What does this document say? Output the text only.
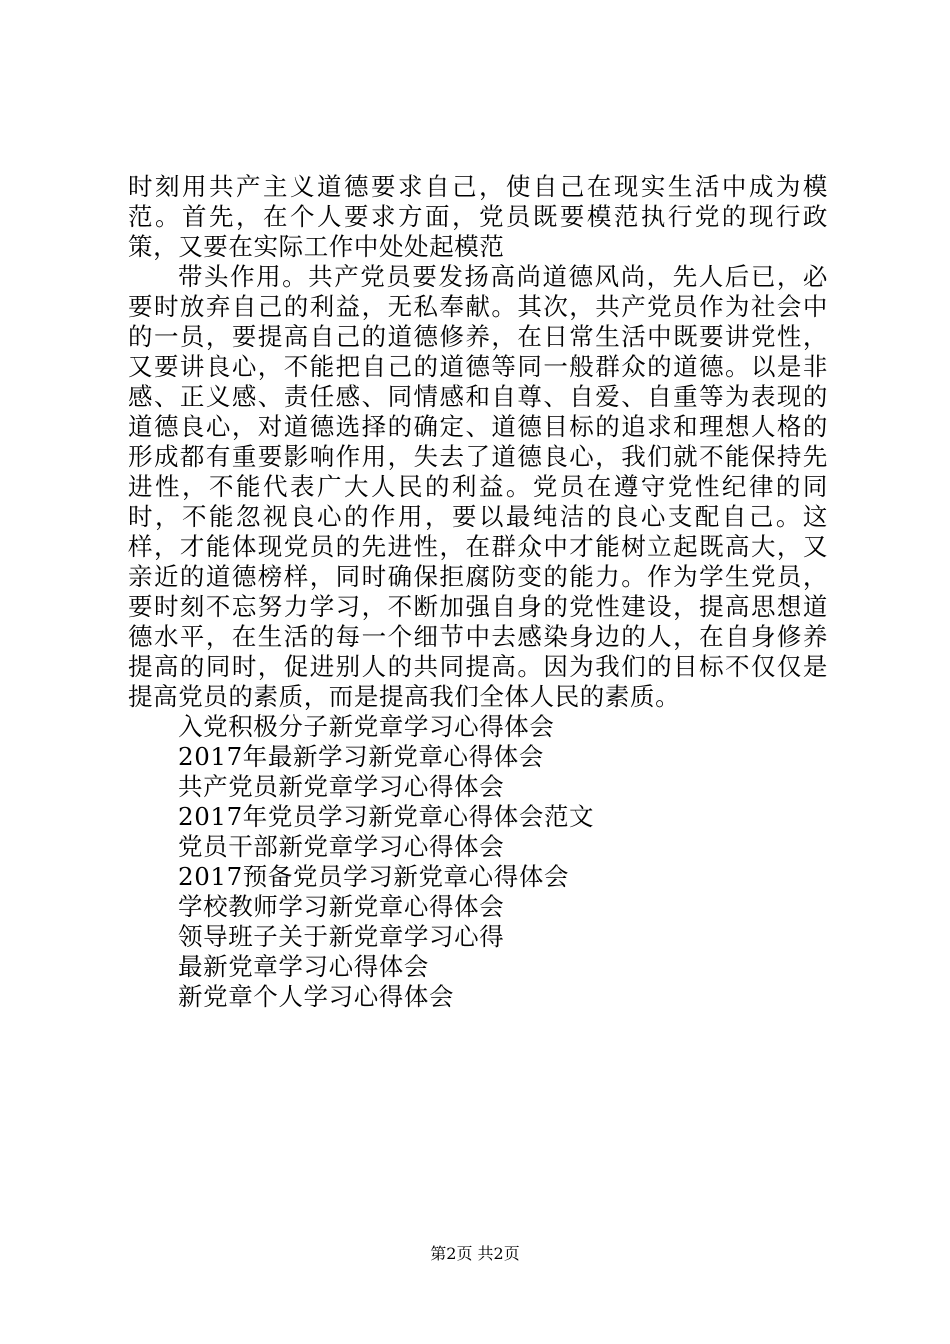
时刻用共产主义道德要求自己，使自己在现实生活中成为模范。首先，在个人要求方面，党员既要模范执行党的现行政策，又要在实际工作中处处起模范

带头作用。共产党员要发扬高尚道德风尚，先人后已，必要时放弃自己的利益，无私奉献。其次，共产党员作为社会中的一员，要提高自己的道德修养，在日常生活中既要讲党性，又要讲良心，不能把自己的道德等同一般群众的道德。以是非感、正义感、责任感、同情感和自尊、自爱、自重等为表现的道德良心，对道德选择的确定、道德目标的追求和理想人格的形成都有重要影响作用，失去了道德良心，我们就不能保持先进性，不能代表广大人民的利益。党员在遵守党性纪律的同时，不能忽视良心的作用，要以最纯洁的良心支配自己。这样，才能体现党员的先进性，在群众中才能树立起既高大，又亲近的道德榜样，同时确保拒腐防变的能力。作为学生党员，要时刻不忘努力学习，不断加强自身的党性建设，提高思想道德水平，在生活的每一个细节中去感染身边的人，在自身修养提高的同时，促进别人的共同提高。因为我们的目标不仅仅是提高党员的素质，而是提高我们全体人民的素质。

入党积极分子新党章学习心得体会
2017年最新学习新党章心得体会
共产党员新党章学习心得体会
2017年党员学习新党章心得体会范文
党员干部新党章学习心得体会
2017预备党员学习新党章心得体会
学校教师学习新党章心得体会
领导班子关于新党章学习心得
最新党章学习心得体会
新党章个人学习心得体会
第2页 共2页
